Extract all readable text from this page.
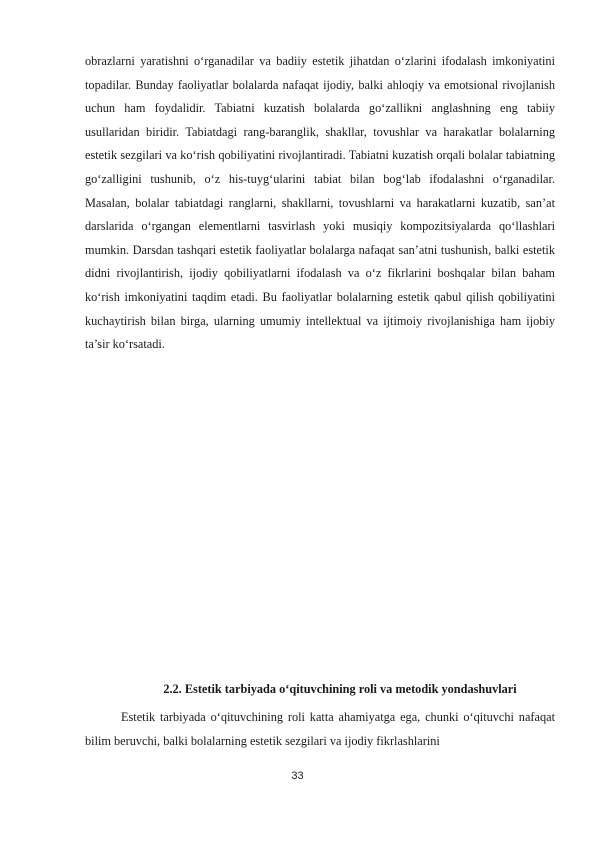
obrazlarni yaratishni o‘rganadilar va badiiy estetik jihatdan o‘zlarini ifodalash imkoniyatini topadilar. Bunday faoliyatlar bolalarda nafaqat ijodiy, balki ahloqiy va emotsional rivojlanish uchun ham foydalidir. Tabiatni kuzatish bolalarda go‘zallikni anglashning eng tabiiy usullaridan biridir. Tabiatdagi rang-baranglik, shakllar, tovushlar va harakatlar bolalarning estetik sezgilari va ko‘rish qobiliyatini rivojlantiradi. Tabiatni kuzatish orqali bolalar tabiatning go‘zalligini tushunib, o‘z his-tuyg‘ularini tabiat bilan bog‘lab ifodalashni o‘rganadilar. Masalan, bolalar tabiatdagi ranglarni, shakllarni, tovushlarni va harakatlarni kuzatib, san’at darslarida o‘rgangan elementlarni tasvirlash yoki musiqiy kompozitsiyalarda qo‘llashlari mumkin. Darsdan tashqari estetik faoliyatlar bolalarga nafaqat san’atni tushunish, balki estetik didni rivojlantirish, ijodiy qobiliyatlarni ifodalash va o‘z fikrlarini boshqalar bilan baham ko‘rish imkoniyatini taqdim etadi. Bu faoliyatlar bolalarning estetik qabul qilish qobiliyatini kuchaytirish bilan birga, ularning umumiy intellektual va ijtimoiy rivojlanishiga ham ijobiy ta’sir ko‘rsatadi.

2.2. Estetik tarbiyada o‘qituvchining roli va metodik yondashuvlari

Estetik tarbiyada o‘qituvchining roli katta ahamiyatga ega, chunki o‘qituvchi nafaqat bilim beruvchi, balki bolalarning estetik sezgilari va ijodiy fikrlashlarini

33
